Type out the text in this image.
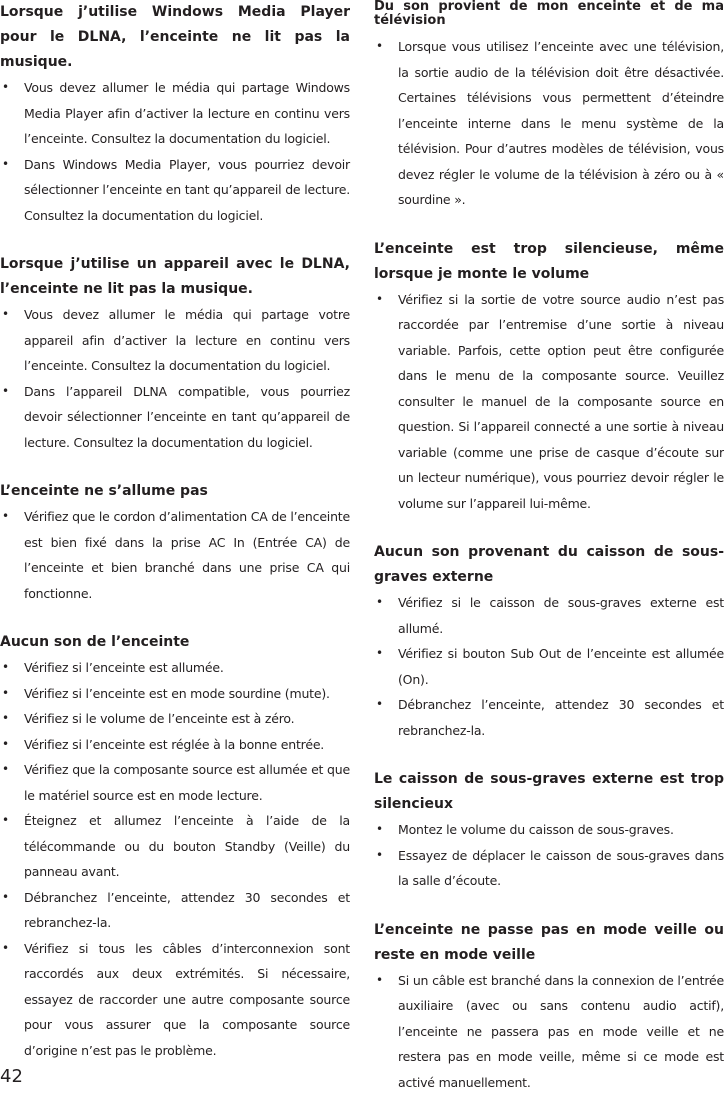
Lorsque j’utilise Windows Media Player pour le DLNA, l’enceinte ne lit pas la musique.

• Vous devez allumer le média qui partage Windows Media Player afin d’activer la lecture en continu vers l’enceinte. Consultez la documentation du logiciel.
• Dans Windows Media Player, vous pourriez devoir sélectionner l’enceinte en tant qu’appareil de lecture. Consultez la documentation du logiciel.

Lorsque j’utilise un appareil avec le DLNA, l’enceinte ne lit pas la musique.

• Vous devez allumer le média qui partage votre appareil afin d’activer la lecture en continu vers l’enceinte. Consultez la documentation du logiciel.
• Dans l’appareil DLNA compatible, vous pourriez devoir sélectionner l’enceinte en tant qu’appareil de lecture. Consultez la documentation du logiciel.

L’enceinte ne s’allume pas

• Vérifiez que le cordon d’alimentation CA de l’enceinte est bien fixé dans la prise AC In (Entrée CA) de l’enceinte et bien branché dans une prise CA qui fonctionne.

Aucun son de l’enceinte

• Vérifiez si l’enceinte est allumée.
• Vérifiez si l’enceinte est en mode sourdine (mute).
• Vérifiez si le volume de l’enceinte est à zéro.
• Vérifiez si l’enceinte est réglée à la bonne entrée.
• Vérifiez que la composante source est allumée et que le matériel source est en mode lecture.
• Éteignez et allumez l’enceinte à l’aide de la télécommande ou du bouton Standby (Veille) du panneau avant.
• Débranchez l’enceinte, attendez 30 secondes et rebranchez-la.
• Vérifiez si tous les câbles d’interconnexion sont raccordés aux deux extrémités. Si nécessaire, essayez de raccorder une autre composante source pour vous assurer que la composante source d’origine n’est pas le problème.

Du son provient de mon enceinte et de ma télévision

• Lorsque vous utilisez l’enceinte avec une télévision, la sortie audio de la télévision doit être désactivée. Certaines télévisions vous permettent d’éteindre l’enceinte interne dans le menu système de la télévision. Pour d’autres modèles de télévision, vous devez régler le volume de la télévision à zéro ou à « sourdine ».

L’enceinte est trop silencieuse, même lorsque je monte le volume

• Vérifiez si la sortie de votre source audio n’est pas raccordée par l’entremise d’une sortie à niveau variable. Parfois, cette option peut être configurée dans le menu de la composante source. Veuillez consulter le manuel de la composante source en question. Si l’appareil connecté a une sortie à niveau variable (comme une prise de casque d’écoute sur un lecteur numérique), vous pourriez devoir régler le volume sur l’appareil lui-même.

Aucun son provenant du caisson de sous-graves externe

• Vérifiez si le caisson de sous-graves externe est allumé.
• Vérifiez si bouton Sub Out de l’enceinte est allumée (On).
• Débranchez l’enceinte, attendez 30 secondes et rebranchez-la.

Le caisson de sous-graves externe est trop silencieux

• Montez le volume du caisson de sous-graves.
• Essayez de déplacer le caisson de sous-graves dans la salle d’écoute.

L’enceinte ne passe pas en mode veille ou reste en mode veille

• Si un câble est branché dans la connexion de l’entrée auxiliaire (avec ou sans contenu audio actif), l’enceinte ne passera pas en mode veille et ne restera pas en mode veille, même si ce mode est activé manuellement.
42
